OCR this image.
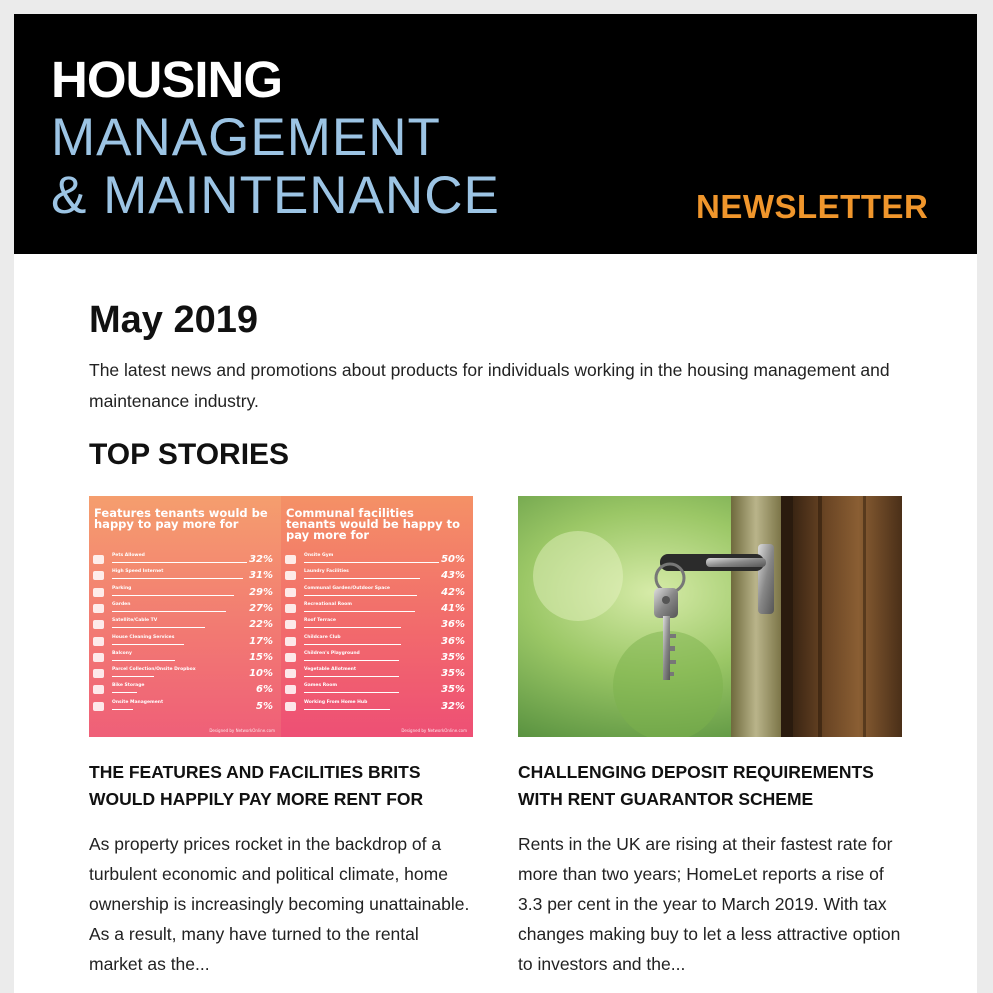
HOUSING
MANAGEMENT
& MAINTENANCE	NEWSLETTER
May 2019

The latest news and promotions about products for individuals working in the housing management and maintenance industry.

TOP STORIES
Features tenants would be happy to pay more for
Pets Allowed	32%
High Speed Internet	31%
Parking	29%
Garden	27%
Satellite/Cable TV	22%
House Cleaning Services	17%
Balcony	15%
Parcel Collection/Onsite Dropbox	10%
Bike Storage	6%
Onsite Management	5%
Designed by NetworkOnline.com
Communal facilities tenants would be happy to pay more for
Onsite Gym	50%
Laundry Facilities	43%
Communal Garden/Outdoor Space	42%
Recreational Room	41%
Roof Terrace	36%
Childcare Club	36%
Children's Playground	35%
Vegetable Allotment	35%
Games Room	35%
Working From Home Hub	32%
Designed by NetworkOnline.com
THE FEATURES AND FACILITIES BRITS WOULD HAPPILY PAY MORE RENT FOR
CHALLENGING DEPOSIT REQUIREMENTS WITH RENT GUARANTOR SCHEME

As property prices rocket in the backdrop of a turbulent economic and political climate, home ownership is increasingly becoming unattainable. As a result, many have turned to the rental market as the...

Rents in the UK are rising at their fastest rate for more than two years; HomeLet reports a rise of 3.3 per cent in the year to March 2019. With tax changes making buy to let a less attractive option to investors and the...
